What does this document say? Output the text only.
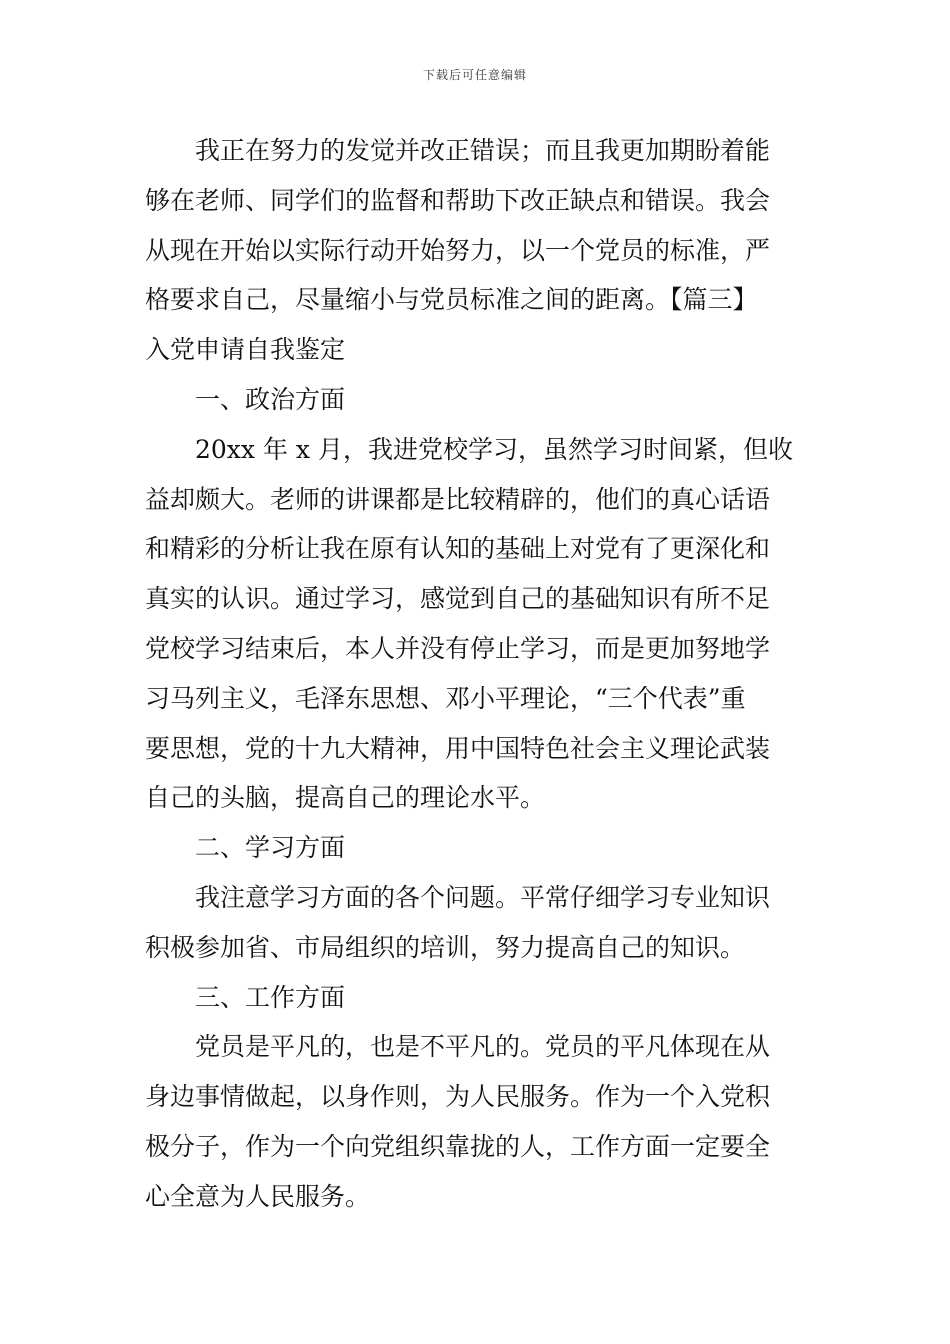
下载后可任意编辑
我正在努力的发觉并改正错误；而且我更加期盼着能
够在老师、同学们的监督和帮助下改正缺点和错误。我会
从现在开始以实际行动开始努力，以一个党员的标准，严
格要求自己，尽量缩小与党员标准之间的距离。【篇三】
入党申请自我鉴定
一、政治方面
20xx 年 x 月，我进党校学习，虽然学习时间紧，但收
益却颇大。老师的讲课都是比较精辟的，他们的真心话语
和精彩的分析让我在原有认知的基础上对党有了更深化和
真实的认识。通过学习，感觉到自己的基础知识有所不足
党校学习结束后，本人并没有停止学习，而是更加努地学
习马列主义，毛泽东思想、邓小平理论，“三个代表”重
要思想，党的十九大精神，用中国特色社会主义理论武装
自己的头脑，提高自己的理论水平。
二、学习方面
我注意学习方面的各个问题。平常仔细学习专业知识
积极参加省、市局组织的培训，努力提高自己的知识。
三、工作方面
党员是平凡的，也是不平凡的。党员的平凡体现在从
身边事情做起，以身作则，为人民服务。作为一个入党积
极分子，作为一个向党组织靠拢的人，工作方面一定要全
心全意为人民服务。
